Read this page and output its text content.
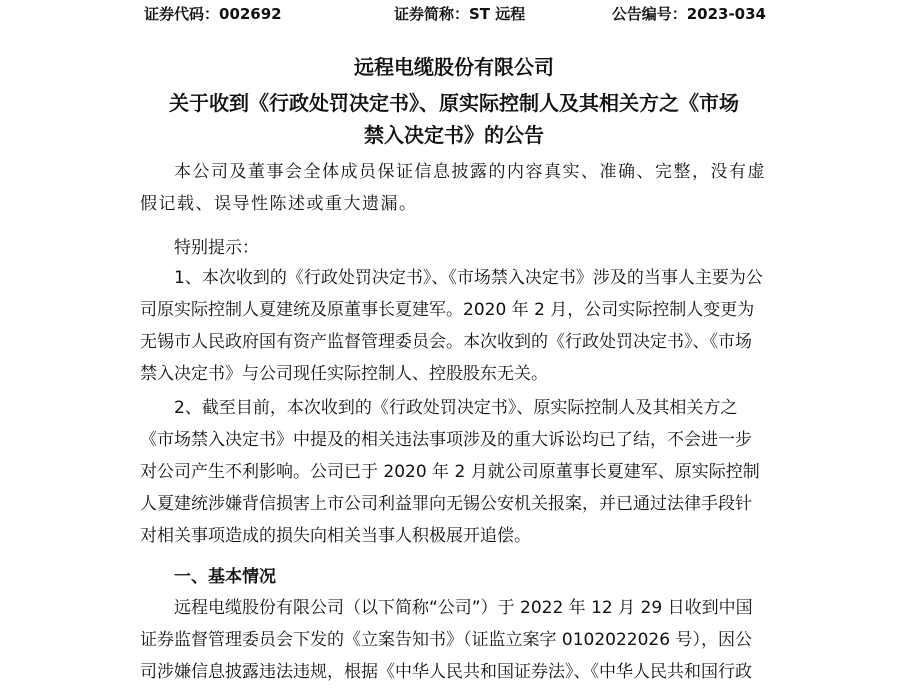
证券代码：002692	证券简称：ST 远程	公告编号：2023-034
远程电缆股份有限公司
关于收到《行政处罚决定书》、原实际控制人及其相关方之《市场
禁入决定书》的公告

本公司及董事会全体成员保证信息披露的内容真实、准确、完整，没有虚假记载、误导性陈述或重大遗漏。

特别提示：

1、本次收到的《行政处罚决定书》、《市场禁入决定书》涉及的当事人主要为公司原实际控制人夏建统及原董事长夏建军。2020 年 2 月，公司实际控制人变更为无锡市人民政府国有资产监督管理委员会。本次收到的《行政处罚决定书》、《市场禁入决定书》与公司现任实际控制人、控股股东无关。

2、截至目前，本次收到的《行政处罚决定书》、原实际控制人及其相关方之《市场禁入决定书》中提及的相关违法事项涉及的重大诉讼均已了结，不会进一步对公司产生不利影响。公司已于 2020 年 2 月就公司原董事长夏建军、原实际控制人夏建统涉嫌背信损害上市公司利益罪向无锡公安机关报案，并已通过法律手段针对相关事项造成的损失向相关当事人积极展开追偿。

一、基本情况

远程电缆股份有限公司（以下简称“公司”）于 2022 年 12 月 29 日收到中国证券监督管理委员会下发的《立案告知书》（证监立案字 0102022026 号），因公司涉嫌信息披露违法违规，根据《中华人民共和国证券法》、《中华人民共和国行政
